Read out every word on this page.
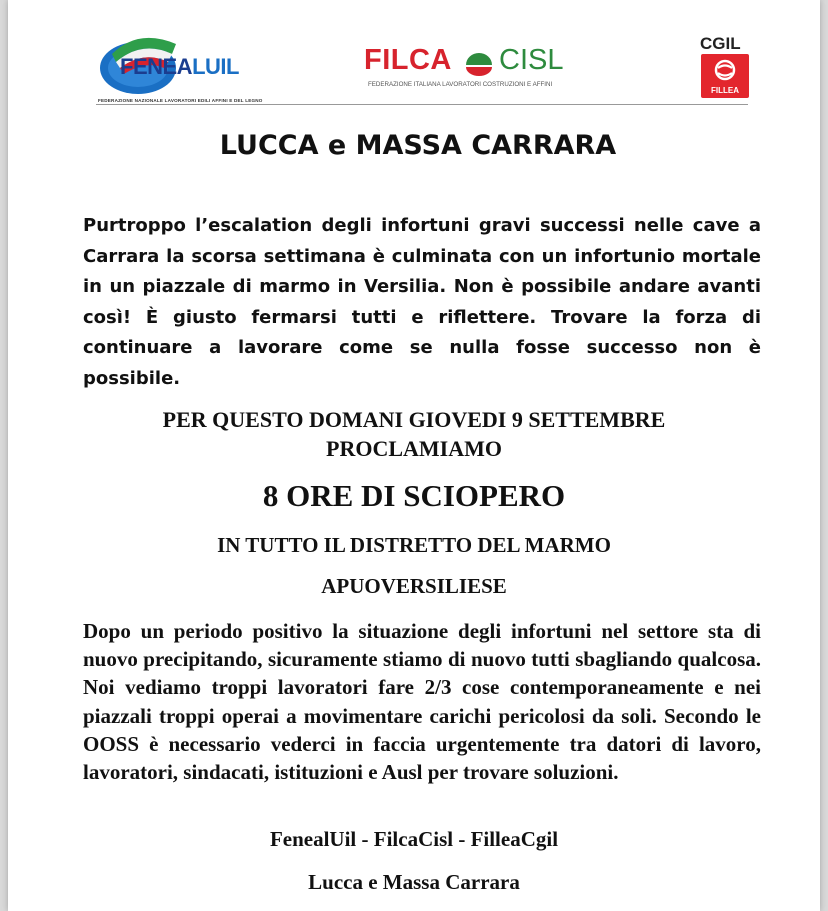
FENEALUIL
FEDERAZIONE NAZIONALE LAVORATORI EDILI AFFINI E DEL LEGNO
FILCA CISL
FEDERAZIONE ITALIANA LAVORATORI COSTRUZIONI E AFFINI
CGIL
FILLEA
LUCCA e MASSA CARRARA
Purtroppo l’escalation degli infortuni gravi successi nelle cave a Carrara la scorsa settimana è culminata con un infortunio mortale in un piazzale di marmo in Versilia. Non è possibile andare avanti così! È giusto fermarsi tutti e riflettere. Trovare la forza di continuare a lavorare come se nulla fosse successo non è possibile.
PER QUESTO DOMANI GIOVEDI 9 SETTEMBRE
PROCLAMIAMO
8 ORE DI SCIOPERO
IN TUTTO IL DISTRETTO DEL MARMO
APUOVERSILIESE
Dopo un periodo positivo la situazione degli infortuni nel settore sta di nuovo precipitando, sicuramente stiamo di nuovo tutti sbagliando qualcosa. Noi vediamo troppi lavoratori fare 2/3 cose contemporaneamente e nei piazzali troppi operai a movimentare carichi pericolosi da soli. Secondo le OOSS è necessario vederci in faccia urgentemente tra datori di lavoro, lavoratori, sindacati, istituzioni e Ausl per trovare soluzioni.
FenealUil - FilcaCisl - FilleaCgil
Lucca e Massa Carrara
